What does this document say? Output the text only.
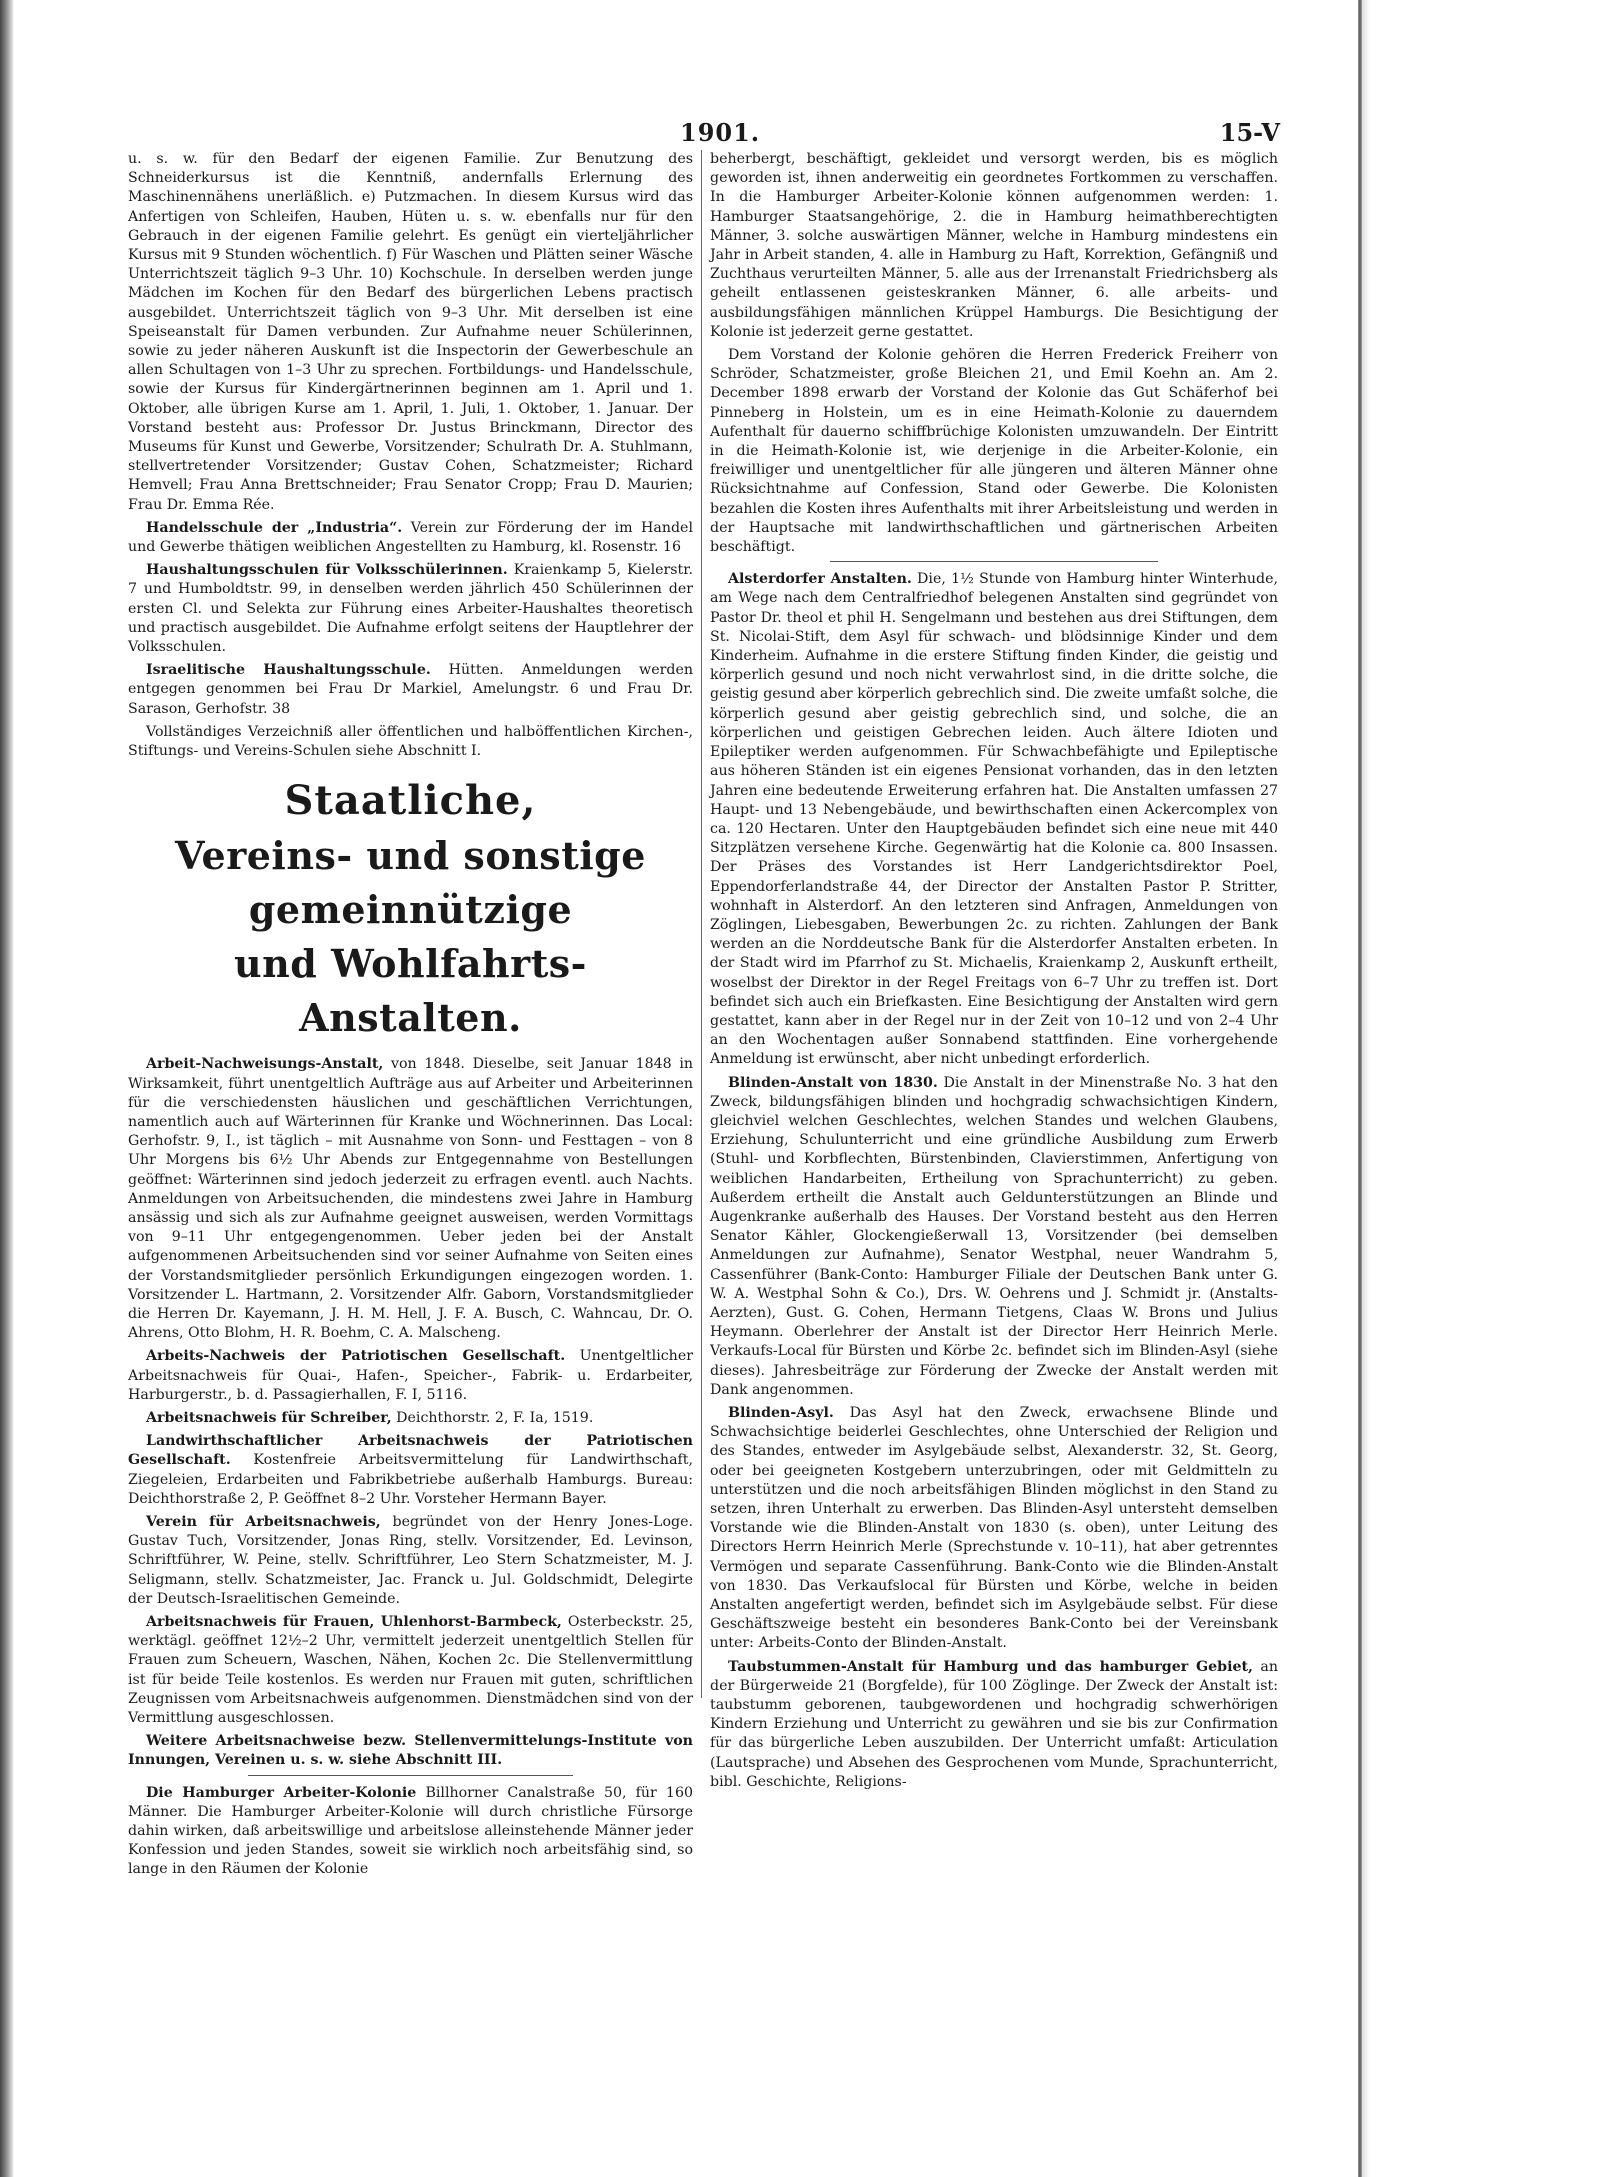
1901.	15-V

u. s. w. für den Bedarf der eigenen Familie. Zur Benutzung des Schneiderkursus ist die Kenntniß, andernfalls Erlernung des Maschinennähens unerläßlich. e) Putzmachen. In diesem Kursus wird das Anfertigen von Schleifen, Hauben, Hüten u. s. w. ebenfalls nur für den Gebrauch in der eigenen Familie gelehrt. Es genügt ein vierteljährlicher Kursus mit 9 Stunden wöchentlich. f) Für Waschen und Plätten seiner Wäsche Unterrichtszeit täglich 9–3 Uhr. 10) Kochschule. In derselben werden junge Mädchen im Kochen für den Bedarf des bürgerlichen Lebens practisch ausgebildet. Unterrichtszeit täglich von 9–3 Uhr. Mit derselben ist eine Speiseanstalt für Damen verbunden. Zur Aufnahme neuer Schülerinnen, sowie zu jeder näheren Auskunft ist die Inspectorin der Gewerbeschule an allen Schultagen von 1–3 Uhr zu sprechen. Fortbildungs- und Handelsschule, sowie der Kursus für Kindergärtnerinnen beginnen am 1. April und 1. Oktober, alle übrigen Kurse am 1. April, 1. Juli, 1. Oktober, 1. Januar. Der Vorstand besteht aus: Professor Dr. Justus Brinckmann, Director des Museums für Kunst und Gewerbe, Vorsitzender; Schulrath Dr. A. Stuhlmann, stellvertretender Vorsitzender; Gustav Cohen, Schatzmeister; Richard Hemvell; Frau Anna Brettschneider; Frau Senator Cropp; Frau D. Maurien; Frau Dr. Emma Rée.

Handelsschule der „Industria“. Verein zur Förderung der im Handel und Gewerbe thätigen weiblichen Angestellten zu Hamburg, kl. Rosenstr. 16

Haushaltungsschulen für Volksschülerinnen. Kraienkamp 5, Kielerstr. 7 und Humboldtstr. 99, in denselben werden jährlich 450 Schülerinnen der ersten Cl. und Selekta zur Führung eines Arbeiter-Haushaltes theoretisch und practisch ausgebildet. Die Aufnahme erfolgt seitens der Hauptlehrer der Volksschulen.

Israelitische Haushaltungsschule. Hütten. Anmeldungen werden entgegen genommen bei Frau Dr Markiel, Amelungstr. 6 und Frau Dr. Sarason, Gerhofstr. 38

Vollständiges Verzeichniß aller öffentlichen und halböffentlichen Kirchen-, Stiftungs- und Vereins-Schulen siehe Abschnitt I.

Staatliche,
Vereins- und sonstige gemeinnützige
und Wohlfahrts-Anstalten.

Arbeit-Nachweisungs-Anstalt, von 1848. Dieselbe, seit Januar 1848 in Wirksamkeit, führt unentgeltlich Aufträge aus auf Arbeiter und Arbeiterinnen für die verschiedensten häuslichen und geschäftlichen Verrichtungen, namentlich auch auf Wärterinnen für Kranke und Wöchnerinnen. Das Local: Gerhofstr. 9, I., ist täglich – mit Ausnahme von Sonn- und Festtagen – von 8 Uhr Morgens bis 6½ Uhr Abends zur Entgegennahme von Bestellungen geöffnet: Wärterinnen sind jedoch jederzeit zu erfragen eventl. auch Nachts. Anmeldungen von Arbeitsuchenden, die mindestens zwei Jahre in Hamburg ansässig und sich als zur Aufnahme geeignet ausweisen, werden Vormittags von 9–11 Uhr entgegengenommen. Ueber jeden bei der Anstalt aufgenommenen Arbeitsuchenden sind vor seiner Aufnahme von Seiten eines der Vorstandsmitglieder persönlich Erkundigungen eingezogen worden. 1. Vorsitzender L. Hartmann, 2. Vorsitzender Alfr. Gaborn, Vorstandsmitglieder die Herren Dr. Kayemann, J. H. M. Hell, J. F. A. Busch, C. Wahncau, Dr. O. Ahrens, Otto Blohm, H. R. Boehm, C. A. Malscheng.

Arbeits-Nachweis der Patriotischen Gesellschaft. Unentgeltlicher Arbeitsnachweis für Quai-, Hafen-, Speicher-, Fabrik- u. Erdarbeiter, Harburgerstr., b. d. Passagierhallen, F. I, 5116.

Arbeitsnachweis für Schreiber, Deichthorstr. 2, F. Ia, 1519.

Landwirthschaftlicher Arbeitsnachweis der Patriotischen Gesellschaft. Kostenfreie Arbeitsvermittelung für Landwirthschaft, Ziegeleien, Erdarbeiten und Fabrikbetriebe außerhalb Hamburgs. Bureau: Deichthorstraße 2, P. Geöffnet 8–2 Uhr. Vorsteher Hermann Bayer.

Verein für Arbeitsnachweis, begründet von der Henry Jones-Loge. Gustav Tuch, Vorsitzender, Jonas Ring, stellv. Vorsitzender, Ed. Levinson, Schriftführer, W. Peine, stellv. Schriftführer, Leo Stern Schatzmeister, M. J. Seligmann, stellv. Schatzmeister, Jac. Franck u. Jul. Goldschmidt, Delegirte der Deutsch-Israelitischen Gemeinde.

Arbeitsnachweis für Frauen, Uhlenhorst-Barmbeck, Osterbeckstr. 25, werktägl. geöffnet 12½–2 Uhr, vermittelt jederzeit unentgeltlich Stellen für Frauen zum Scheuern, Waschen, Nähen, Kochen 2c. Die Stellenvermittlung ist für beide Teile kostenlos. Es werden nur Frauen mit guten, schriftlichen Zeugnissen vom Arbeitsnachweis aufgenommen. Dienstmädchen sind von der Vermittlung ausgeschlossen.

Weitere Arbeitsnachweise bezw. Stellenvermittelungs-Institute von Innungen, Vereinen u. s. w. siehe Abschnitt III.

Die Hamburger Arbeiter-Kolonie Billhorner Canalstraße 50, für 160 Männer. Die Hamburger Arbeiter-Kolonie will durch christliche Fürsorge dahin wirken, daß arbeitswillige und arbeitslose alleinstehende Männer jeder Konfession und jeden Standes, soweit sie wirklich noch arbeitsfähig sind, so lange in den Räumen der Kolonie

beherbergt, beschäftigt, gekleidet und versorgt werden, bis es möglich geworden ist, ihnen anderweitig ein geordnetes Fortkommen zu verschaffen. In die Hamburger Arbeiter-Kolonie können aufgenommen werden: 1. Hamburger Staatsangehörige, 2. die in Hamburg heimathberechtigten Männer, 3. solche auswärtigen Männer, welche in Hamburg mindestens ein Jahr in Arbeit standen, 4. alle in Hamburg zu Haft, Korrektion, Gefängniß und Zuchthaus verurteilten Männer, 5. alle aus der Irrenanstalt Friedrichsberg als geheilt entlassenen geisteskranken Männer, 6. alle arbeits- und ausbildungsfähigen männlichen Krüppel Hamburgs. Die Besichtigung der Kolonie ist jederzeit gerne gestattet.

Dem Vorstand der Kolonie gehören die Herren Frederick Freiherr von Schröder, Schatzmeister, große Bleichen 21, und Emil Koehn an. Am 2. December 1898 erwarb der Vorstand der Kolonie das Gut Schäferhof bei Pinneberg in Holstein, um es in eine Heimath-Kolonie zu dauerndem Aufenthalt für dauerno schiffbrüchige Kolonisten umzuwandeln. Der Eintritt in die Heimath-Kolonie ist, wie derjenige in die Arbeiter-Kolonie, ein freiwilliger und unentgeltlicher für alle jüngeren und älteren Männer ohne Rücksichtnahme auf Confession, Stand oder Gewerbe. Die Kolonisten bezahlen die Kosten ihres Aufenthalts mit ihrer Arbeitsleistung und werden in der Hauptsache mit landwirthschaftlichen und gärtnerischen Arbeiten beschäftigt.

Alsterdorfer Anstalten. Die, 1½ Stunde von Hamburg hinter Winterhude, am Wege nach dem Centralfriedhof belegenen Anstalten sind gegründet von Pastor Dr. theol et phil H. Sengelmann und bestehen aus drei Stiftungen, dem St. Nicolai-Stift, dem Asyl für schwach- und blödsinnige Kinder und dem Kinderheim. Aufnahme in die erstere Stiftung finden Kinder, die geistig und körperlich gesund und noch nicht verwahrlost sind, in die dritte solche, die geistig gesund aber körperlich gebrechlich sind. Die zweite umfaßt solche, die körperlich gesund aber geistig gebrechlich sind, und solche, die an körperlichen und geistigen Gebrechen leiden. Auch ältere Idioten und Epileptiker werden aufgenommen. Für Schwachbefähigte und Epileptische aus höheren Ständen ist ein eigenes Pensionat vorhanden, das in den letzten Jahren eine bedeutende Erweiterung erfahren hat. Die Anstalten umfassen 27 Haupt- und 13 Nebengebäude, und bewirthschaften einen Ackercomplex von ca. 120 Hectaren. Unter den Hauptgebäuden befindet sich eine neue mit 440 Sitzplätzen versehene Kirche. Gegenwärtig hat die Kolonie ca. 800 Insassen. Der Präses des Vorstandes ist Herr Landgerichtsdirektor Poel, Eppendorferlandstraße 44, der Director der Anstalten Pastor P. Stritter, wohnhaft in Alsterdorf. An den letzteren sind Anfragen, Anmeldungen von Zöglingen, Liebesgaben, Bewerbungen 2c. zu richten. Zahlungen der Bank werden an die Norddeutsche Bank für die Alsterdorfer Anstalten erbeten. In der Stadt wird im Pfarrhof zu St. Michaelis, Kraienkamp 2, Auskunft ertheilt, woselbst der Direktor in der Regel Freitags von 6–7 Uhr zu treffen ist. Dort befindet sich auch ein Briefkasten. Eine Besichtigung der Anstalten wird gern gestattet, kann aber in der Regel nur in der Zeit von 10–12 und von 2–4 Uhr an den Wochentagen außer Sonnabend stattfinden. Eine vorhergehende Anmeldung ist erwünscht, aber nicht unbedingt erforderlich.

Blinden-Anstalt von 1830. Die Anstalt in der Minenstraße No. 3 hat den Zweck, bildungsfähigen blinden und hochgradig schwachsichtigen Kindern, gleichviel welchen Geschlechtes, welchen Standes und welchen Glaubens, Erziehung, Schulunterricht und eine gründliche Ausbildung zum Erwerb (Stuhl- und Korbflechten, Bürstenbinden, Clavierstimmen, Anfertigung von weiblichen Handarbeiten, Ertheilung von Sprachunterricht) zu geben. Außerdem ertheilt die Anstalt auch Geldunterstützungen an Blinde und Augenkranke außerhalb des Hauses. Der Vorstand besteht aus den Herren Senator Kähler, Glockengießerwall 13, Vorsitzender (bei demselben Anmeldungen zur Aufnahme), Senator Westphal, neuer Wandrahm 5, Cassenführer (Bank-Conto: Hamburger Filiale der Deutschen Bank unter G. W. A. Westphal Sohn & Co.), Drs. W. Oehrens und J. Schmidt jr. (Anstalts-Aerzten), Gust. G. Cohen, Hermann Tietgens, Claas W. Brons und Julius Heymann. Oberlehrer der Anstalt ist der Director Herr Heinrich Merle. Verkaufs-Local für Bürsten und Körbe 2c. befindet sich im Blinden-Asyl (siehe dieses). Jahresbeiträge zur Förderung der Zwecke der Anstalt werden mit Dank angenommen.

Blinden-Asyl. Das Asyl hat den Zweck, erwachsene Blinde und Schwachsichtige beiderlei Geschlechtes, ohne Unterschied der Religion und des Standes, entweder im Asylgebäude selbst, Alexanderstr. 32, St. Georg, oder bei geeigneten Kostgebern unterzubringen, oder mit Geldmitteln zu unterstützen und die noch arbeitsfähigen Blinden möglichst in den Stand zu setzen, ihren Unterhalt zu erwerben. Das Blinden-Asyl untersteht demselben Vorstande wie die Blinden-Anstalt von 1830 (s. oben), unter Leitung des Directors Herrn Heinrich Merle (Sprechstunde v. 10–11), hat aber getrenntes Vermögen und separate Cassenführung. Bank-Conto wie die Blinden-Anstalt von 1830. Das Verkaufslocal für Bürsten und Körbe, welche in beiden Anstalten angefertigt werden, befindet sich im Asylgebäude selbst. Für diese Geschäftszweige besteht ein besonderes Bank-Conto bei der Vereinsbank unter: Arbeits-Conto der Blinden-Anstalt.

Taubstummen-Anstalt für Hamburg und das hamburger Gebiet, an der Bürgerweide 21 (Borgfelde), für 100 Zöglinge. Der Zweck der Anstalt ist: taubstumm geborenen, taubgewordenen und hochgradig schwerhörigen Kindern Erziehung und Unterricht zu gewähren und sie bis zur Confirmation für das bürgerliche Leben auszubilden. Der Unterricht umfaßt: Articulation (Lautsprache) und Absehen des Gesprochenen vom Munde, Sprachunterricht, bibl. Geschichte, Religions-
